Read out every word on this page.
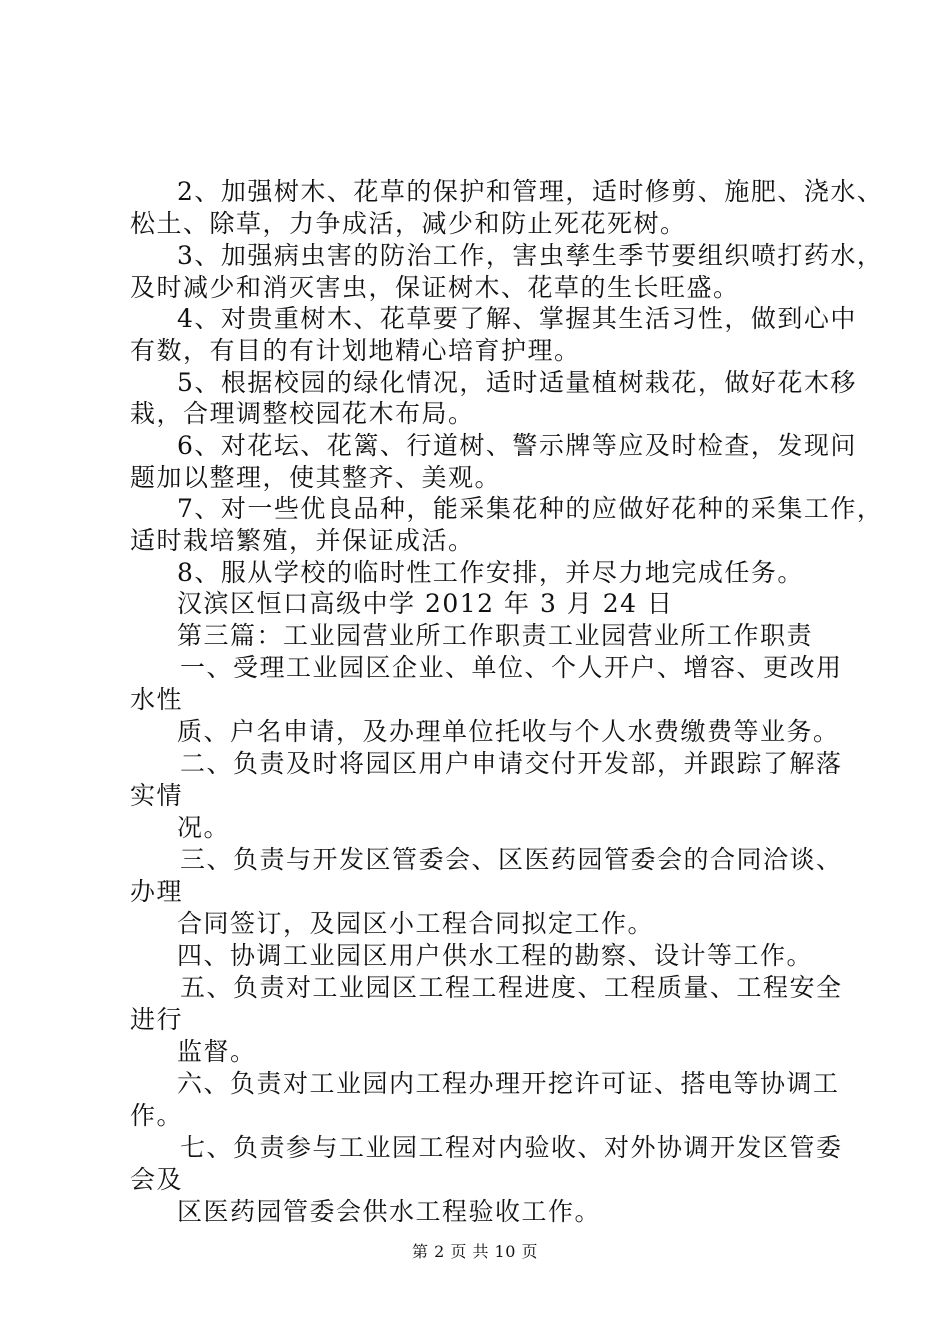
2、加强树木、花草的保护和管理，适时修剪、施肥、浇水、
松土、除草，力争成活，减少和防止死花死树。
3、加强病虫害的防治工作，害虫孳生季节要组织喷打药水，
及时减少和消灭害虫，保证树木、花草的生长旺盛。
4、对贵重树木、花草要了解、掌握其生活习性，做到心中
有数，有目的有计划地精心培育护理。
5、根据校园的绿化情况，适时适量植树栽花，做好花木移
栽，合理调整校园花木布局。
6、对花坛、花篱、行道树、警示牌等应及时检查，发现问
题加以整理，使其整齐、美观。
7、对一些优良品种，能采集花种的应做好花种的采集工作，
适时栽培繁殖，并保证成活。
8、服从学校的临时性工作安排，并尽力地完成任务。
汉滨区恒口高级中学 2012 年 3 月 24 日
第三篇：工业园营业所工作职责工业园营业所工作职责
一、受理工业园区企业、单位、个人开户、增容、更改用
水性
质、户名申请，及办理单位托收与个人水费缴费等业务。
二、负责及时将园区用户申请交付开发部，并跟踪了解落
实情
况。
三、负责与开发区管委会、区医药园管委会的合同洽谈、
办理
合同签订，及园区小工程合同拟定工作。
四、协调工业园区用户供水工程的勘察、设计等工作。
五、负责对工业园区工程工程进度、工程质量、工程安全
进行
监督。
六、负责对工业园内工程办理开挖许可证、搭电等协调工
作。
七、负责参与工业园工程对内验收、对外协调开发区管委
会及
区医药园管委会供水工程验收工作。
第 2 页 共 10 页
